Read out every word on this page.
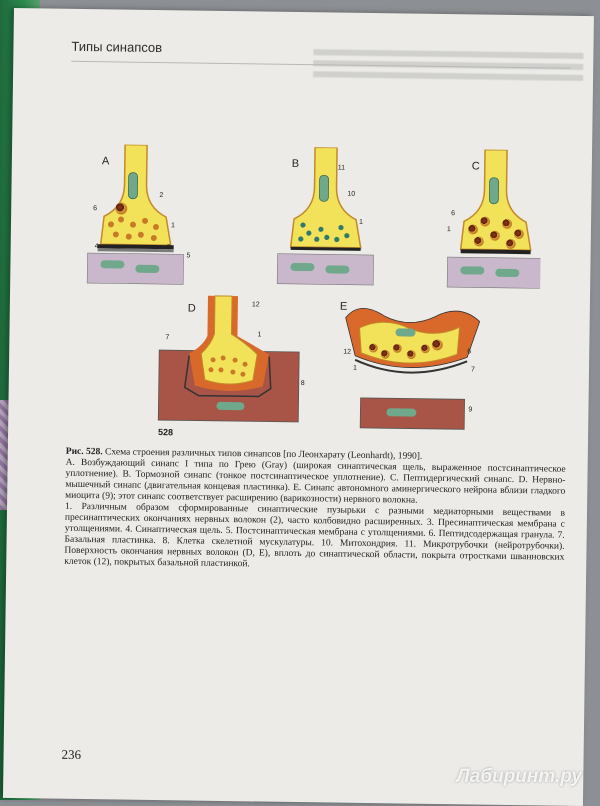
Типы синапсов
A
6
2
1
4	3
5
B	11
10
1
C
6
1
D
528
12
7	1
8
E
12
1
6
7
9

Рис. 528. Схема строения различных типов синапсов [по Леонхарату (Leonhardt), 1990].

A. Возбуждающий синапс I типа по Грею (Gray) (широкая синаптическая щель, выраженное постсинаптическое уплотнение). B. Тормозной синапс (тонкое постсинаптическое уплотнение). C. Пептидергический синапс. D. Нервно-мышечный синапс (двигательная концевая пластинка). E. Синапс автономного аминергического нейрона вблизи гладкого миоцита (9); этот синапс соответствует расширению (варикозности) нервного волокна.

1. Различным образом сформированные синаптические пузырьки с разными медиаторными веществами в пресинаптических окончаниях нервных волокон (2), часто колбовидно расширенных. 3. Пресинаптическая мембрана с утолщениями. 4. Синаптическая щель. 5. Постсинаптическая мембрана с утолщениями. 6. Пептидсодержащая гранула. 7. Базальная пластинка. 8. Клетка скелетной мускулатуры. 10. Митохондрия. 11. Микротрубочки (нейротрубочки). Поверхность окончания нервных волокон (D, E), вплоть до синаптической области, покрыта отростками шванновских клеток (12), покрытых базальной пластинкой.

236
Лабиринт.ру
